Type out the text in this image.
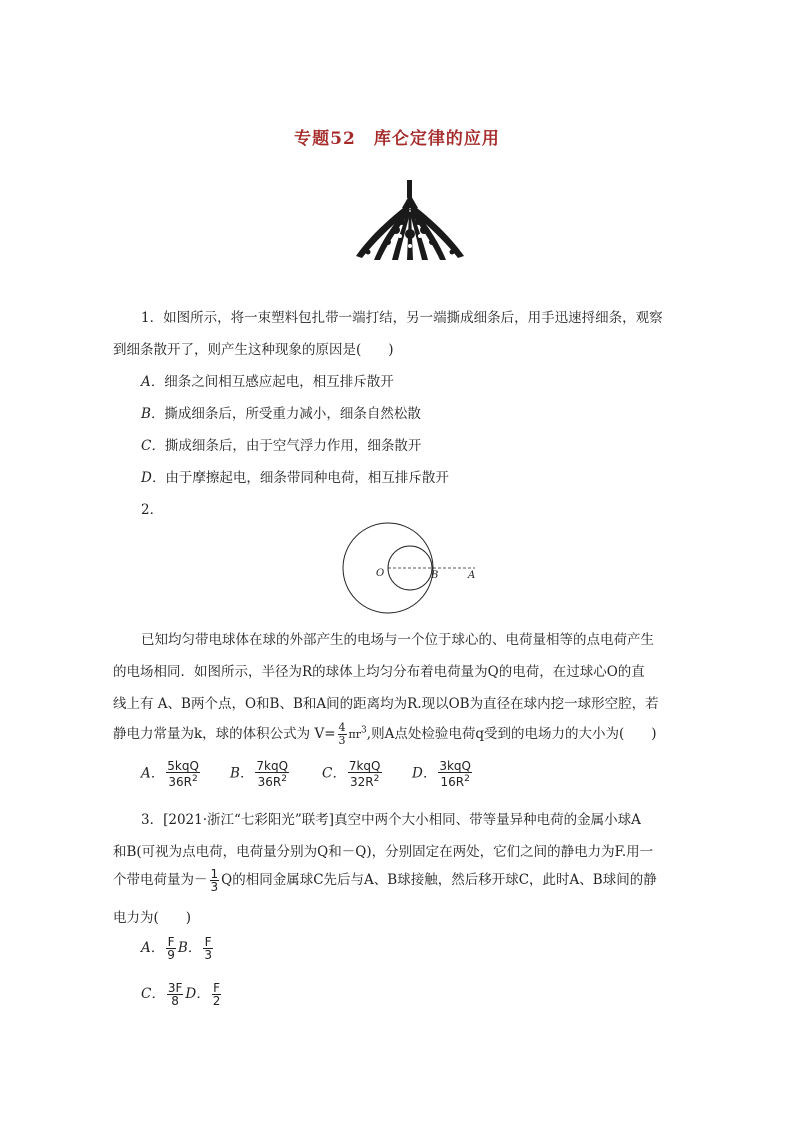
专题52　库仑定律的应用
1．如图所示，将一束塑料包扎带一端打结，另一端撕成细条后，用手迅速捋细条，观察
到细条散开了，则产生这种现象的原因是(　　)
A．细条之间相互感应起电，相互排斥散开
B．撕成细条后，所受重力减小，细条自然松散
C．撕成细条后，由于空气浮力作用，细条散开
D．由于摩擦起电，细条带同种电荷，相互排斥散开
2．
O	B	A
已知均匀带电球体在球的外部产生的电场与一个位于球心的、电荷量相等的点电荷产生
的电场相同．如图所示，半径为R的球体上均匀分布着电荷量为Q的电荷，在过球心O的直
线上有 A、B两个点，O和B、B和A间的距离均为R.现以OB为直径在球内挖一球形空腔，若
静电力常量为k，球的体积公式为 $V= \frac{4}{3} \pi r^3$,则A点处检验电荷q受到的电场力的大小为(　　)
A． $\frac{\text{5kqQ}}{36R^2}$ B． $\frac{\text{7kqQ}}{36R^2}$ C． $\frac{\text{7kqQ}}{32R^2}$ D． $\frac{\text{3kqQ}}{16R^2}$
3．[2021·浙江“七彩阳光”联考]真空中两个大小相同、带等量异种电荷的金属小球A
和B(可视为点电荷，电荷量分别为Q和－Q)，分别固定在两处，它们之间的静电力为F.用一
个带电荷量为－ $\frac{1}{3}$ Q的相同金属球C先后与A、B球接触，然后移开球C，此时A、B球间的静
电力为(　　)
A． $\frac{F}{9}$ B． $\frac{F}{3}$
C． $\frac{3F}{8}$ D． $\frac{F}{2}$
